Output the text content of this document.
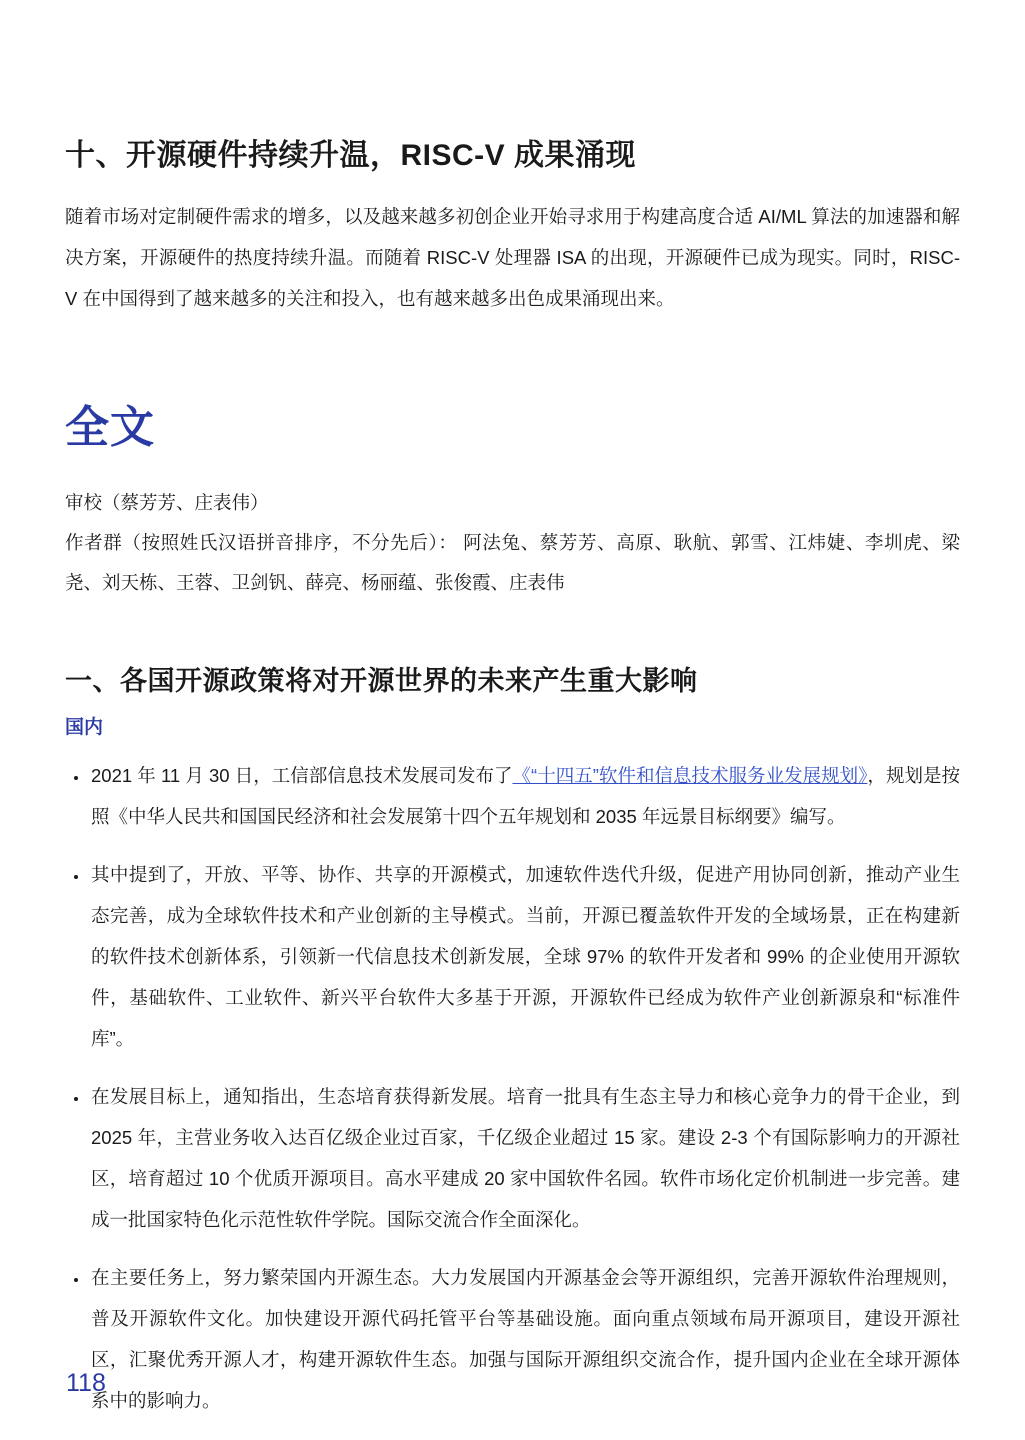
十、开源硬件持续升温，RISC-V 成果涌现

随着市场对定制硬件需求的增多，以及越来越多初创企业开始寻求用于构建高度合适 AI/ML 算法的加速器和解决方案，开源硬件的热度持续升温。而随着 RISC-V 处理器 ISA 的出现，开源硬件已成为现实。同时，RISC-V 在中国得到了越来越多的关注和投入，也有越来越多出色成果涌现出来。

全文

审校（蔡芳芳、庄表伟）

作者群（按照姓氏汉语拼音排序，不分先后）： 阿法兔、蔡芳芳、高原、耿航、郭雪、江炜婕、李圳虎、梁尧、刘天栋、王蓉、卫剑钒、薛亮、杨丽蕴、张俊霞、庄表伟

一、各国开源政策将对开源世界的未来产生重大影响
国内
• 2021 年 11 月 30 日，工信部信息技术发展司发布了《“十四五”软件和信息技术服务业发展规划》，规划是按照《中华人民共和国国民经济和社会发展第十四个五年规划和 2035 年远景目标纲要》编写。
• 其中提到了，开放、平等、协作、共享的开源模式，加速软件迭代升级，促进产用协同创新，推动产业生态完善，成为全球软件技术和产业创新的主导模式。当前，开源已覆盖软件开发的全域场景，正在构建新的软件技术创新体系，引领新一代信息技术创新发展，全球 97% 的软件开发者和 99% 的企业使用开源软件，基础软件、工业软件、新兴平台软件大多基于开源，开源软件已经成为软件产业创新源泉和“标准件库”。
• 在发展目标上，通知指出，生态培育获得新发展。培育一批具有生态主导力和核心竞争力的骨干企业，到 2025 年，主营业务收入达百亿级企业过百家，千亿级企业超过 15 家。建设 2-3 个有国际影响力的开源社区，培育超过 10 个优质开源项目。高水平建成 20 家中国软件名园。软件市场化定价机制进一步完善。建成一批国家特色化示范性软件学院。国际交流合作全面深化。
• 在主要任务上，努力繁荣国内开源生态。大力发展国内开源基金会等开源组织，完善开源软件治理规则，普及开源软件文化。加快建设开源代码托管平台等基础设施。面向重点领域布局开源项目，建设开源社区，汇聚优秀开源人才，构建开源软件生态。加强与国际开源组织交流合作，提升国内企业在全球开源体系中的影响力。
118
